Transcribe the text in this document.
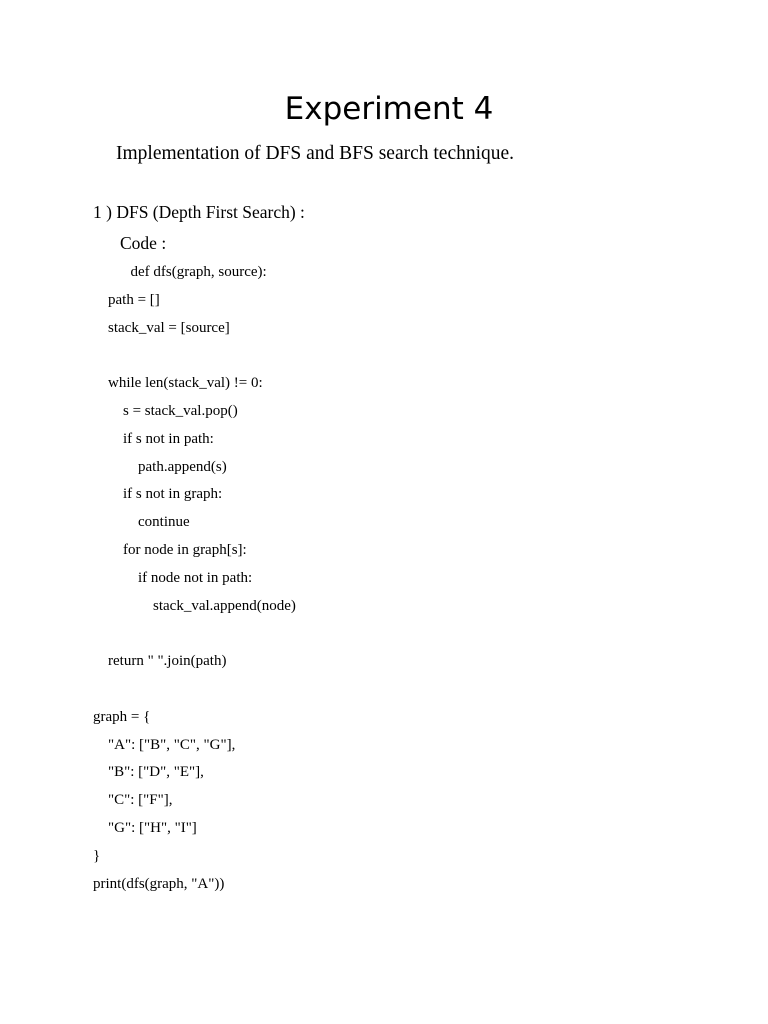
Experiment 4

Implementation of DFS and BFS search technique.

1 ) DFS (Depth First Search) :

Code :

def dfs(graph, source):
path = []
stack_val = [source]
while len(stack_val) != 0:
s = stack_val.pop()
if s not in path:
path.append(s)
if s not in graph:
continue
for node in graph[s]:
if node not in path:
stack_val.append(node)
return " ".join(path)
graph = {
"A": ["B", "C", "G"],
"B": ["D", "E"],
"C": ["F"],
"G": ["H", "I"]
}
print(dfs(graph, "A"))
